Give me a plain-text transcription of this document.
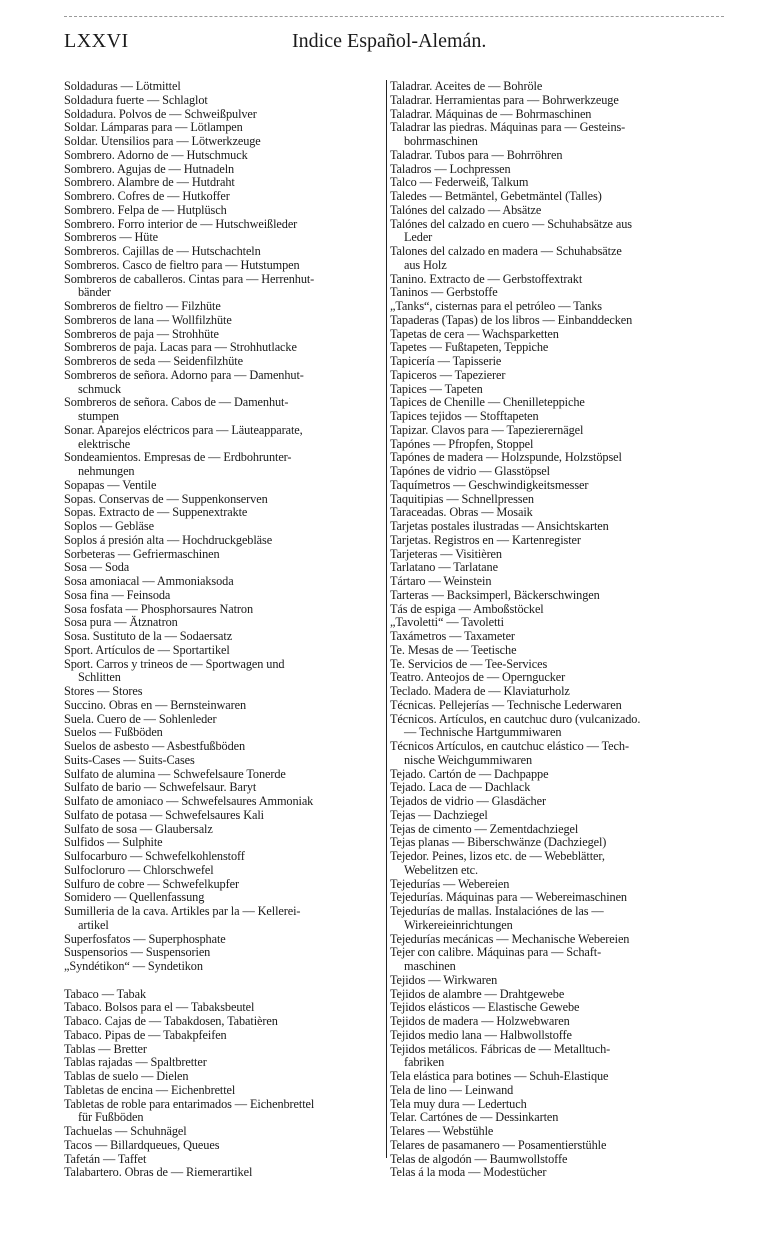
LXXVI	Indice Español-Alemán.
Soldaduras — Lötmittel
Soldadura fuerte — Schlaglot
Soldadura. Polvos de — Schweißpulver
Soldar. Lámparas para — Lötlampen
Soldar. Utensilios para — Lötwerkzeuge
Sombrero. Adorno de — Hutschmuck
Sombrero. Agujas de — Hutnadeln
Sombrero. Alambre de — Hutdraht
Sombrero. Cofres de — Hutkoffer
Sombrero. Felpa de — Hutplüsch
Sombrero. Forro interior de — Hutschweißleder
Sombreros — Hüte
Sombreros. Cajillas de — Hutschachteln
Sombreros. Casco de fieltro para — Hutstumpen
Sombreros de caballeros. Cintas para — Herrenhut-
bänder
Sombreros de fieltro — Filzhüte
Sombreros de lana — Wollfilzhüte
Sombreros de paja — Strohhüte
Sombreros de paja. Lacas para — Strohhutlacke
Sombreros de seda — Seidenfilzhüte
Sombreros de señora. Adorno para — Damenhut-
schmuck
Sombreros de señora. Cabos de — Damenhut-
stumpen
Sonar. Aparejos eléctricos para — Läuteapparate,
elektrische
Sondeamientos. Empresas de — Erdbohrunter-
nehmungen
Sopapas — Ventile
Sopas. Conservas de — Suppenkonserven
Sopas. Extracto de — Suppenextrakte
Soplos — Gebläse
Soplos á presión alta — Hochdruckgebläse
Sorbeteras — Gefriermaschinen
Sosa — Soda
Sosa amoniacal — Ammoniaksoda
Sosa fina — Feinsoda
Sosa fosfata — Phosphorsaures Natron
Sosa pura — Ätznatron
Sosa. Sustituto de la — Sodaersatz
Sport. Artículos de — Sportartikel
Sport. Carros y trineos de — Sportwagen und
Schlitten
Stores — Stores
Succino. Obras en — Bernsteinwaren
Suela. Cuero de — Sohlenleder
Suelos — Fußböden
Suelos de asbesto — Asbestfußböden
Suits-Cases — Suits-Cases
Sulfato de alumina — Schwefelsaure Tonerde
Sulfato de bario — Schwefelsaur. Baryt
Sulfato de amoniaco — Schwefelsaures Ammoniak
Sulfato de potasa — Schwefelsaures Kali
Sulfato de sosa — Glaubersalz
Sulfidos — Sulphite
Sulfocarburo — Schwefelkohlenstoff
Sulfocloruro — Chlorschwefel
Sulfuro de cobre — Schwefelkupfer
Somidero — Quellenfassung
Sumilleria de la cava. Artikles par la — Kellerei-
artikel
Superfosfatos — Superphosphate
Suspensorios — Suspensorien
„Syndétikon“ — Syndetikon
Tabaco — Tabak
Tabaco. Bolsos para el — Tabaksbeutel
Tabaco. Cajas de — Tabakdosen, Tabatièren
Tabaco. Pipas de — Tabakpfeifen
Tablas — Bretter
Tablas rajadas — Spaltbretter
Tablas de suelo — Dielen
Tabletas de encina — Eichenbrettel
Tabletas de roble para entarimados — Eichenbrettel
für Fußböden
Tachuelas — Schuhnägel
Tacos — Billardqueues, Queues
Tafetán — Taffet
Talabartero. Obras de — Riemerartikel
Taladrar. Aceites de — Bohröle
Taladrar. Herramientas para — Bohrwerkzeuge
Taladrar. Máquinas de — Bohrmaschinen
Taladrar las piedras. Máquinas para — Gesteins-
bohrmaschinen
Taladrar. Tubos para — Bohrröhren
Taladros — Lochpressen
Talco — Federweiß, Talkum
Taledes — Betmäntel, Gebetmäntel (Talles)
Talónes del calzado — Absätze
Talónes del calzado en cuero — Schuhabsätze aus
Leder
Talones del calzado en madera — Schuhabsätze
aus Holz
Tanino. Extracto de — Gerbstoffextrakt
Taninos — Gerbstoffe
„Tanks“, cisternas para el petróleo — Tanks
Tapaderas (Tapas) de los libros — Einbanddecken
Tapetas de cera — Wachsparketten
Tapetes — Fußtapeten, Teppiche
Tapicería — Tapisserie
Tapiceros — Tapezierer
Tapices — Tapeten
Tapices de Chenille — Chenilleteppiche
Tapices tejidos — Stofftapeten
Tapizar. Clavos para — Tapezierernägel
Tapónes — Pfropfen, Stoppel
Tapónes de madera — Holzspunde, Holzstöpsel
Tapónes de vidrio — Glasstöpsel
Taquímetros — Geschwindigkeitsmesser
Taquitipias — Schnellpressen
Taraceadas. Obras — Mosaik
Tarjetas postales ilustradas — Ansichtskarten
Tarjetas. Registros en — Kartenregister
Tarjeteras — Visitièren
Tarlatano — Tarlatane
Tártaro — Weinstein
Tarteras — Backsimperl, Bäckerschwingen
Tás de espiga — Amboßstöckel
„Tavoletti“ — Tavoletti
Taxámetros — Taxameter
Te. Mesas de — Teetische
Te. Servicios de — Tee-Services
Teatro. Anteojos de — Operngucker
Teclado. Madera de — Klaviaturholz
Técnicas. Pellejerías — Technische Lederwaren
Técnicos. Artículos, en cautchuc duro (vulcanizado.
— Technische Hartgummiwaren
Técnicos Artículos, en cautchuc elástico — Tech-
nische Weichgummiwaren
Tejado. Cartón de — Dachpappe
Tejado. Laca de — Dachlack
Tejados de vidrio — Glasdächer
Tejas — Dachziegel
Tejas de cimento — Zementdachziegel
Tejas planas — Biberschwänze (Dachziegel)
Tejedor. Peines, lizos etc. de — Webeblätter,
Webelitzen etc.
Tejedurías — Webereien
Tejedurías. Máquinas para — Webereimaschinen
Tejedurías de mallas. Instalaciónes de las —
Wirkereieinrichtungen
Tejedurías mecánicas — Mechanische Webereien
Tejer con calibre. Máquinas para — Schaft-
maschinen
Tejidos — Wirkwaren
Tejidos de alambre — Drahtgewebe
Tejidos elásticos — Elastische Gewebe
Tejidos de madera — Holzwebwaren
Tejidos medio lana — Halbwollstoffe
Tejidos metálicos. Fábricas de — Metalltuch-
fabriken
Tela elástica para botines — Schuh-Elastique
Tela de lino — Leinwand
Tela muy dura — Ledertuch
Telar. Cartónes de — Dessinkarten
Telares — Webstühle
Telares de pasamanero — Posamentierstühle
Telas de algodón — Baumwollstoffe
Telas á la moda — Modestücher
